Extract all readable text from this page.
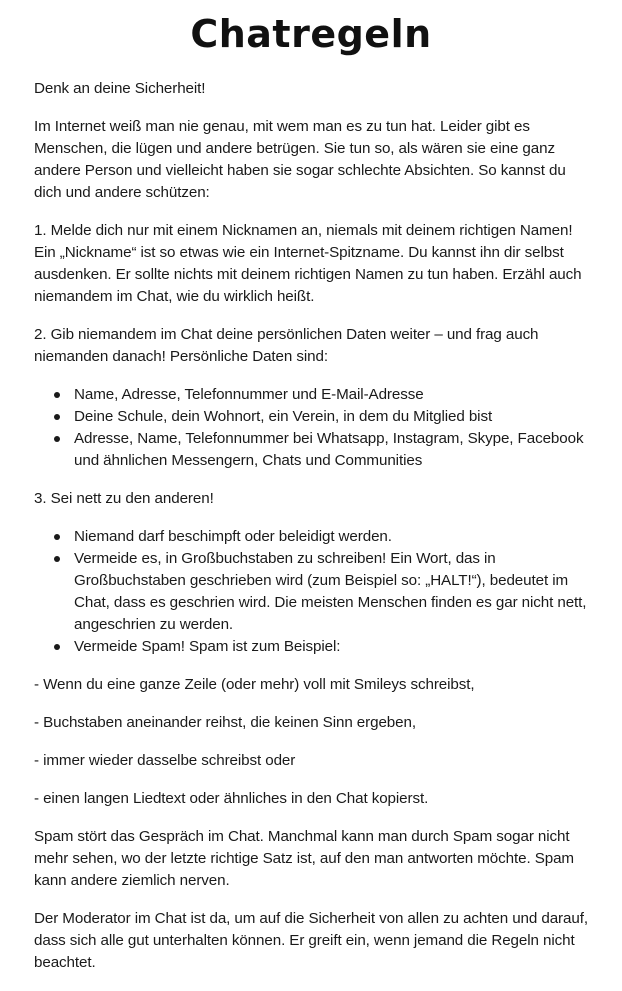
Chatregeln

Denk an deine Sicherheit!

Im Internet weiß man nie genau, mit wem man es zu tun hat. Leider gibt es Menschen, die lügen und andere betrügen. Sie tun so, als wären sie eine ganz andere Person und vielleicht haben sie sogar schlechte Absichten. So kannst du dich und andere schützen:

1. Melde dich nur mit einem Nicknamen an, niemals mit deinem richtigen Namen! Ein „Nickname“ ist so etwas wie ein Internet-Spitzname. Du kannst ihn dir selbst ausdenken. Er sollte nichts mit deinem richtigen Namen zu tun haben. Erzähl auch niemandem im Chat, wie du wirklich heißt.

2. Gib niemandem im Chat deine persönlichen Daten weiter – und frag auch niemanden danach! Persönliche Daten sind:

Name, Adresse, Telefonnummer und E-Mail-Adresse
Deine Schule, dein Wohnort, ein Verein, in dem du Mitglied bist
Adresse, Name, Telefonnummer bei Whatsapp, Instagram, Skype, Facebook und ähnlichen Messengern, Chats und Communities

3. Sei nett zu den anderen!

Niemand darf beschimpft oder beleidigt werden.
Vermeide es, in Großbuchstaben zu schreiben! Ein Wort, das in Großbuchstaben geschrieben wird (zum Beispiel so: „HALT!“), bedeutet im Chat, dass es geschrien wird. Die meisten Menschen finden es gar nicht nett, angeschrien zu werden.
Vermeide Spam! Spam ist zum Beispiel:

- Wenn du eine ganze Zeile (oder mehr) voll mit Smileys schreibst,

- Buchstaben aneinander reihst, die keinen Sinn ergeben,

- immer wieder dasselbe schreibst oder

- einen langen Liedtext oder ähnliches in den Chat kopierst.

Spam stört das Gespräch im Chat. Manchmal kann man durch Spam sogar nicht mehr sehen, wo der letzte richtige Satz ist, auf den man antworten möchte. Spam kann andere ziemlich nerven.

Der Moderator im Chat ist da, um auf die Sicherheit von allen zu achten und darauf, dass sich alle gut unterhalten können. Er greift ein, wenn jemand die Regeln nicht beachtet.
